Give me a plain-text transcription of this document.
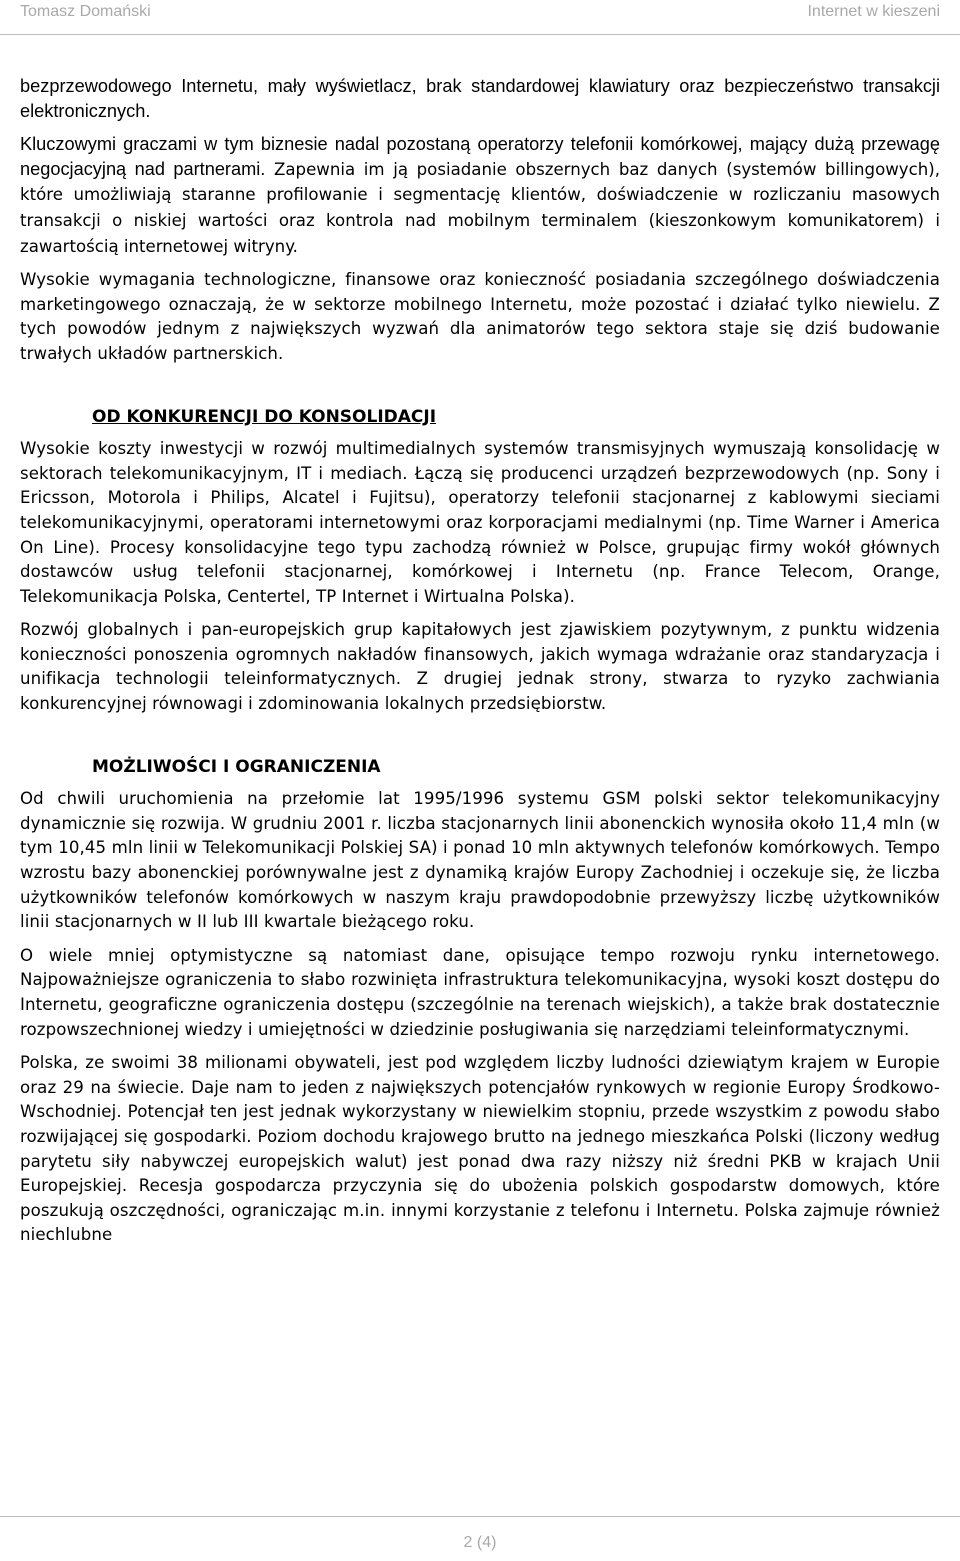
Tomasz Domański	Internet w kieszeni

bezprzewodowego Internetu, mały wyświetlacz, brak standardowej klawiatury oraz bezpieczeństwo transakcji elektronicznych.

Kluczowymi graczami w tym biznesie nadal pozostaną operatorzy telefonii komórkowej, mający dużą przewagę negocjacyjną nad partnerami. Zapewnia im ją posiadanie obszernych baz danych (systemów billingowych), które umożliwiają staranne profilowanie i segmentację klientów, doświadczenie w rozliczaniu masowych transakcji o niskiej wartości oraz kontrola nad mobilnym terminalem (kieszonkowym komunikatorem) i zawartością internetowej witryny.

Wysokie wymagania technologiczne, finansowe oraz konieczność posiadania szczególnego doświadczenia marketingowego oznaczają, że w sektorze mobilnego Internetu, może pozostać i działać tylko niewielu. Z tych powodów jednym z największych wyzwań dla animatorów tego sektora staje się dziś budowanie trwałych układów partnerskich.

OD KONKURENCJI DO KONSOLIDACJI

Wysokie koszty inwestycji w rozwój multimedialnych systemów transmisyjnych wymuszają konsolidację w sektorach telekomunikacyjnym, IT i mediach. Łączą się producenci urządzeń bezprzewodowych (np. Sony i Ericsson, Motorola i Philips, Alcatel i Fujitsu), operatorzy telefonii stacjonarnej z kablowymi sieciami telekomunikacyjnymi, operatorami internetowymi oraz korporacjami medialnymi (np. Time Warner i America On Line). Procesy konsolidacyjne tego typu zachodzą również w Polsce, grupując firmy wokół głównych dostawców usług telefonii stacjonarnej, komórkowej i Internetu (np. France Telecom, Orange, Telekomunikacja Polska, Centertel, TP Internet i Wirtualna Polska).

Rozwój globalnych i pan-europejskich grup kapitałowych jest zjawiskiem pozytywnym, z punktu widzenia konieczności ponoszenia ogromnych nakładów finansowych, jakich wymaga wdrażanie oraz standaryzacja i unifikacja technologii teleinformatycznych. Z drugiej jednak strony, stwarza to ryzyko zachwiania konkurencyjnej równowagi i zdominowania lokalnych przedsiębiorstw.

MOŻLIWOŚCI I OGRANICZENIA

Od chwili uruchomienia na przełomie lat 1995/1996 systemu GSM polski sektor telekomunikacyjny dynamicznie się rozwija. W grudniu 2001 r. liczba stacjonarnych linii abonenckich wynosiła około 11,4 mln (w tym 10,45 mln linii w Telekomunikacji Polskiej SA) i ponad 10 mln aktywnych telefonów komórkowych. Tempo wzrostu bazy abonenckiej porównywalne jest z dynamiką krajów Europy Zachodniej i oczekuje się, że liczba użytkowników telefonów komórkowych w naszym kraju prawdopodobnie przewyższy liczbę użytkowników linii stacjonarnych w II lub III kwartale bieżącego roku.

O wiele mniej optymistyczne są natomiast dane, opisujące tempo rozwoju rynku internetowego. Najpoważniejsze ograniczenia to słabo rozwinięta infrastruktura telekomunikacyjna, wysoki koszt dostępu do Internetu, geograficzne ograniczenia dostępu (szczególnie na terenach wiejskich), a także brak dostatecznie rozpowszechnionej wiedzy i umiejętności w dziedzinie posługiwania się narzędziami teleinformatycznymi.

Polska, ze swoimi 38 milionami obywateli, jest pod względem liczby ludności dziewiątym krajem w Europie oraz 29 na świecie. Daje nam to jeden z największych potencjałów rynkowych w regionie Europy Środkowo-Wschodniej. Potencjał ten jest jednak wykorzystany w niewielkim stopniu, przede wszystkim z powodu słabo rozwijającej się gospodarki. Poziom dochodu krajowego brutto na jednego mieszkańca Polski (liczony według parytetu siły nabywczej europejskich walut) jest ponad dwa razy niższy niż średni PKB w krajach Unii Europejskiej. Recesja gospodarcza przyczynia się do ubożenia polskich gospodarstw domowych, które poszukują oszczędności, ograniczając m.in. innymi korzystanie z telefonu i Internetu. Polska zajmuje również niechlubne

2 (4)
